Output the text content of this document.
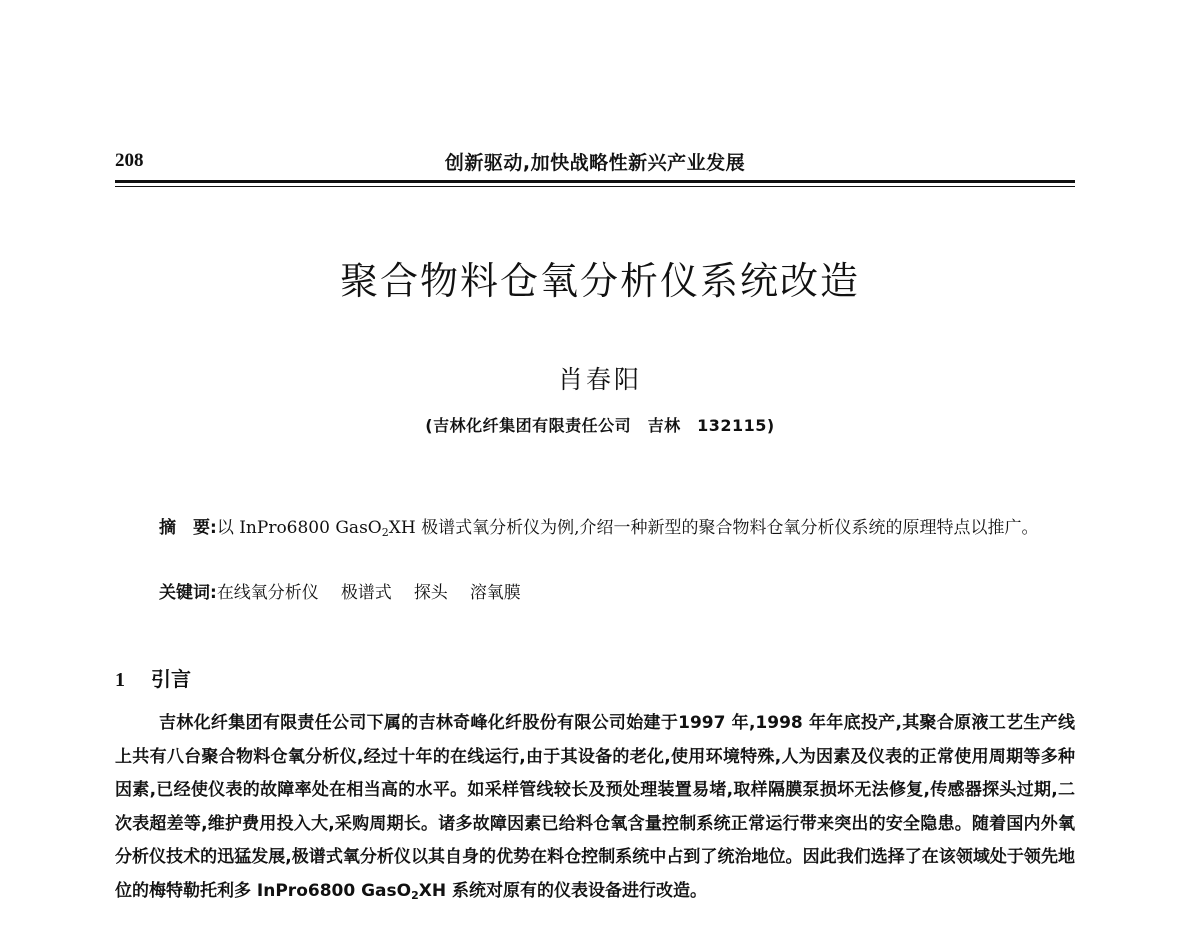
208	创新驱动,加快战略性新兴产业发展
聚合物料仓氧分析仪系统改造
肖春阳
(吉林化纤集团有限责任公司　吉林　132115)

摘　要:以 InPro6800 GasO$_2$XH 极谱式氧分析仪为例,介绍一种新型的聚合物料仓氧分析仪系统的原理特点以推广。

关键词:在线氧分析仪 极谱式 探头 溶氧膜

1 引言

吉林化纤集团有限责任公司下属的吉林奇峰化纤股份有限公司始建于1997 年,1998 年年底投产,其聚合原液工艺生产线上共有八台聚合物料仓氧分析仪,经过十年的在线运行,由于其设备的老化,使用环境特殊,人为因素及仪表的正常使用周期等多种因素,已经使仪表的故障率处在相当高的水平。如采样管线较长及预处理装置易堵,取样隔膜泵损坏无法修复,传感器探头过期,二次表超差等,维护费用投入大,采购周期长。诸多故障因素已给料仓氧含量控制系统正常运行带来突出的安全隐患。随着国内外氧分析仪技术的迅猛发展,极谱式氧分析仪以其自身的优势在料仓控制系统中占到了统治地位。因此我们选择了在该领域处于领先地位的梅特勒托利多 InPro6800 GasO$_2$XH 系统对原有的仪表设备进行改造。
